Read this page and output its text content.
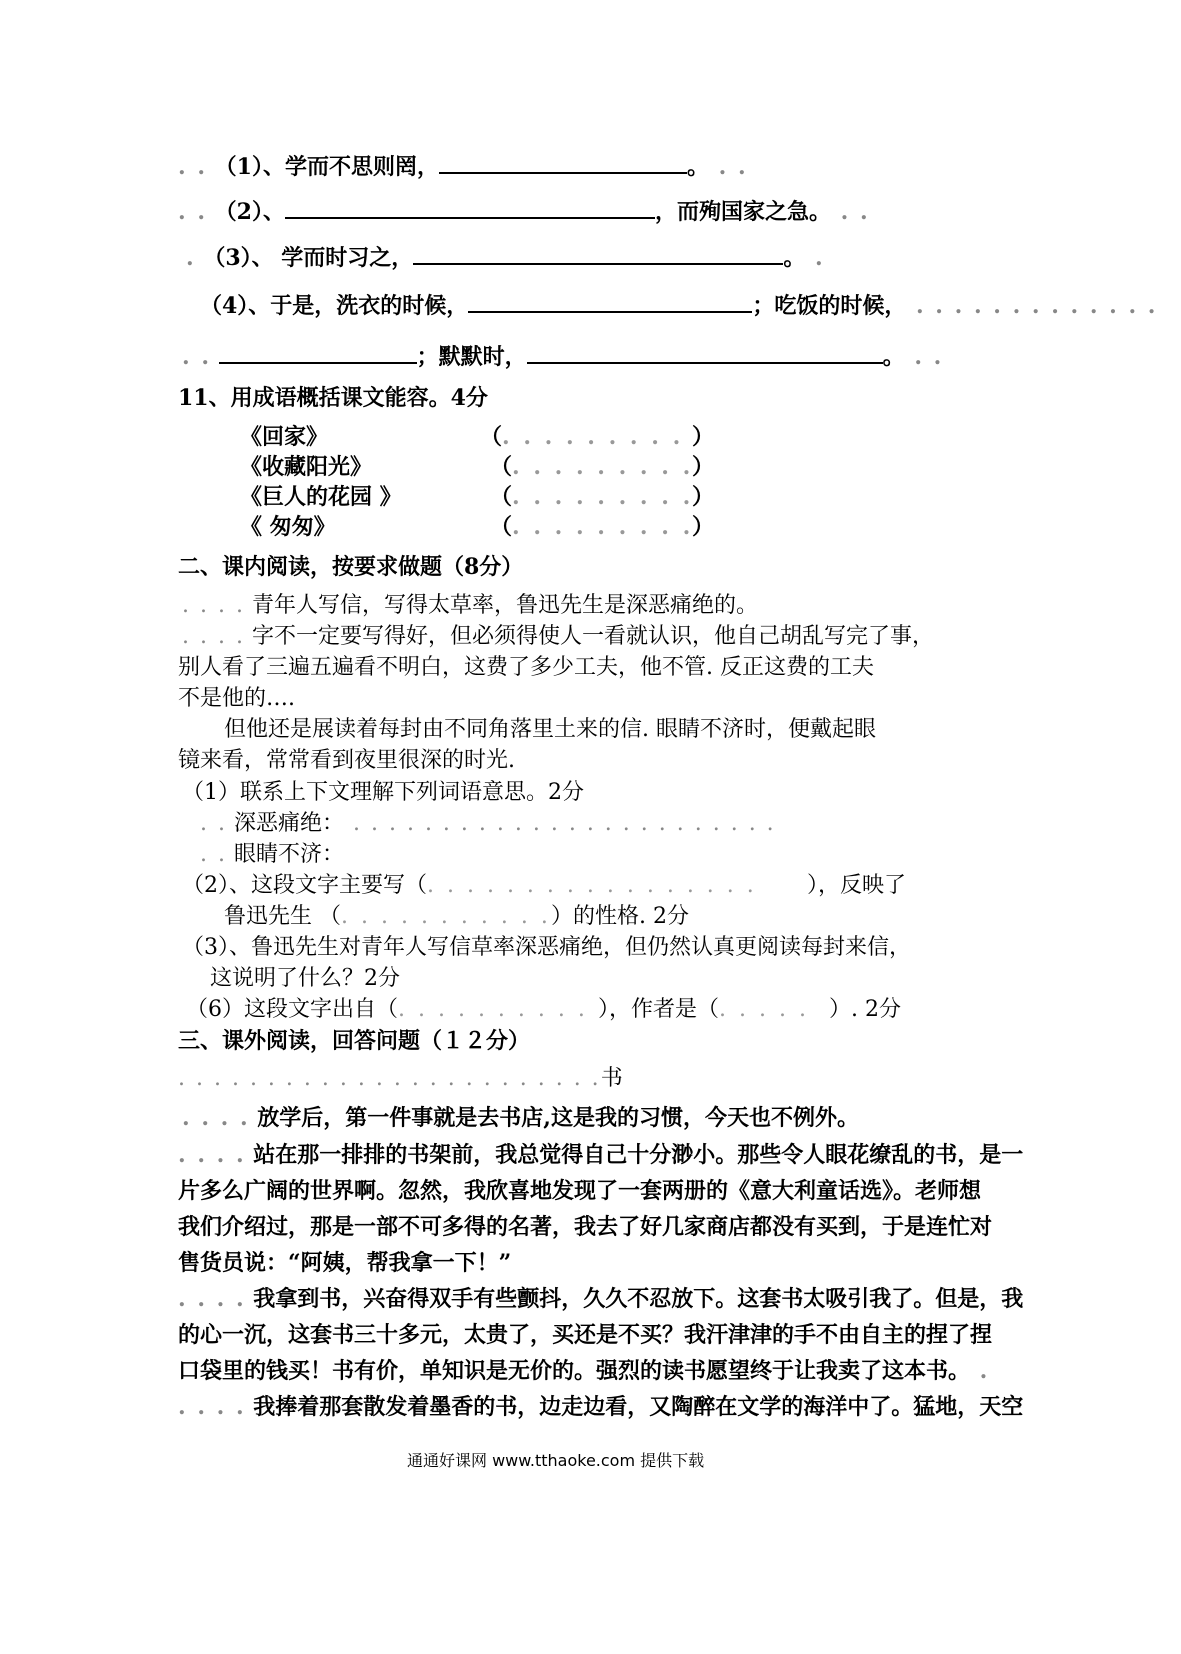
. . （1）、学而不思则罔，	。 . .
. . （2）、	，而殉国家之急。 . .
. （3）、 学而时习之，	。 .
（4）、于是，洗衣的时候，	；吃饭的时候， . . . . . . . . . . . . .
. .	；默默时，	。 . .
11、用成语概括课文能容。4分
《回家》	（. . . . . . . . . ）
《收藏阳光》	（. . . . . . . . .）
《巨人的花园 》	（. . . . . . . . .）
《 匆匆》	（. . . . . . . . .）
二、课内阅读，按要求做题（8分）
. . . . 青年人写信，写得太草率，鲁迅先生是深恶痛绝的。
. . . . 字不一定要写得好，但必须得使人一看就认识，他自己胡乱写完了事，
别人看了三遍五遍看不明白，这费了多少工夫，他不管. 反正这费的工夫
不是他的….
但他还是展读着每封由不同角落里土来的信. 眼睛不济时，便戴起眼
镜来看，常常看到夜里很深的时光.
（1）联系上下文理解下列词语意思。2分
. . 深恶痛绝： . . . . . . . . . . . . . . . . . . . . . . . .
. . 眼睛不济：
（2）、这段文字主要写（. . . . . . . . . . . . . . . . . ），反映了
鲁迅先生 （. . . . . . . . . . .）的性格. 2分
（3）、鲁迅先生对青年人写信草率深恶痛绝，但仍然认真更阅读每封来信，
这说明了什么？2分
（6）这段文字出自（. . . . . . . . . . ），作者是（. . . . . ）. 2分
三、课外阅读，回答问题（１２分）
. . . . . . . . . . . . . . . . . . . . . . . .书
. . . . 放学后，第一件事就是去书店,这是我的习惯，今天也不例外。
. . . . 站在那一排排的书架前，我总觉得自己十分渺小。那些令人眼花缭乱的书，是一
片多么广阔的世界啊。忽然，我欣喜地发现了一套两册的《意大利童话选》。老师想
我们介绍过，那是一部不可多得的名著，我去了好几家商店都没有买到，于是连忙对
售货员说：“阿姨，帮我拿一下！”
. . . . 我拿到书，兴奋得双手有些颤抖，久久不忍放下。这套书太吸引我了。但是，我
的心一沉，这套书三十多元，太贵了，买还是不买？我汗津津的手不由自主的捏了捏
口袋里的钱买！书有价，单知识是无价的。强烈的读书愿望终于让我卖了这本书。 .
. . . . 我捧着那套散发着墨香的书，边走边看，又陶醉在文学的海洋中了。猛地，天空
通通好课网 www.tthaoke.com 提供下载
